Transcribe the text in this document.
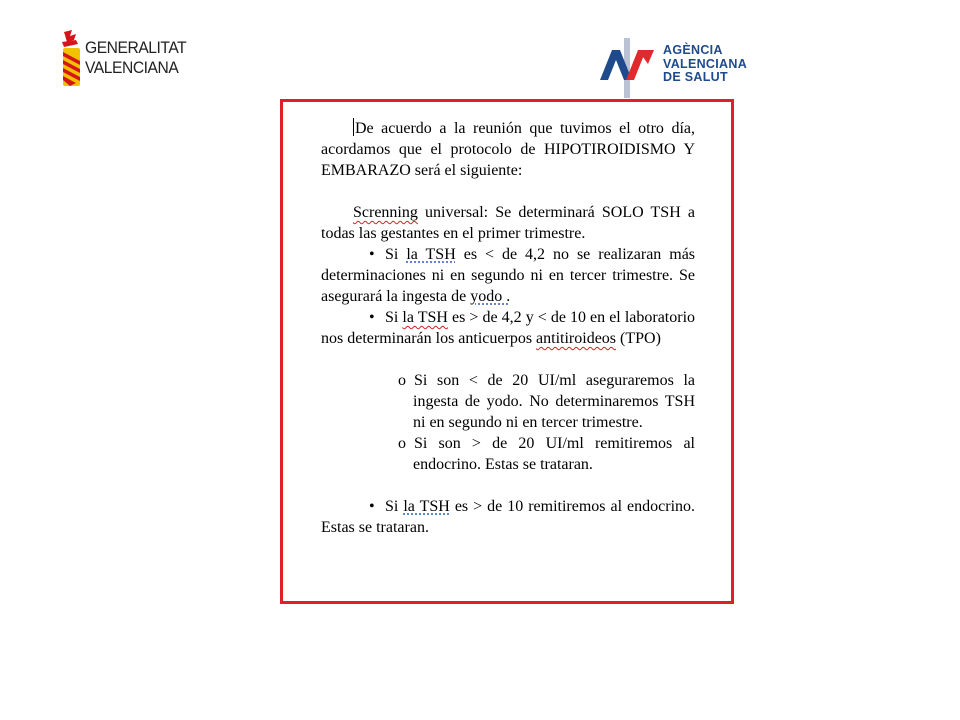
GENERALITAT
VALENCIANA
AGÈNCIA
VALENCIANA
DE SALUT

De acuerdo a la reunión que tuvimos el otro día, acordamos que el protocolo de HIPOTIROIDISMO Y EMBARAZO será el siguiente:

Screnning universal: Se determinará SOLO TSH a todas las gestantes en el primer trimestre.

• Si la TSH es < de 4,2 no se realizaran más determinaciones ni en segundo ni en tercer trimestre. Se asegurará la ingesta de yodo .

• Si la TSH es > de 4,2 y < de 10 en el laboratorio nos determinarán los anticuerpos antitiroideos (TPO)

o Si son < de 20 UI/ml aseguraremos la ingesta de yodo. No determinaremos TSH ni en segundo ni en tercer trimestre.

o Si son > de 20 UI/ml remitiremos al endocrino. Estas se trataran.

• Si la TSH es > de 10 remitiremos al endocrino. Estas se trataran.
